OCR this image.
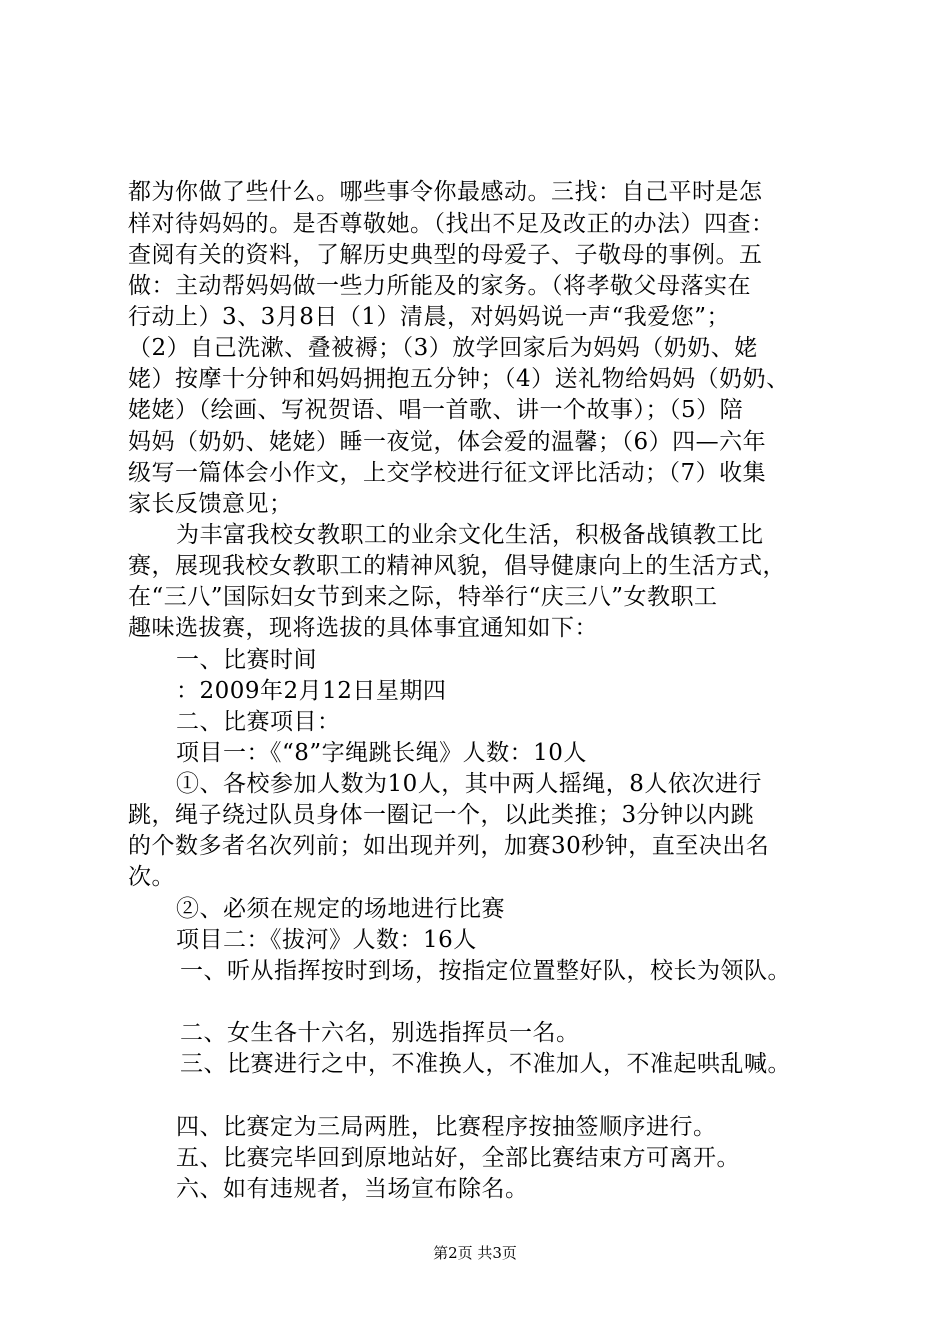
都为你做了些什么。哪些事令你最感动。三找：自己平时是怎
样对待妈妈的。是否尊敬她。（找出不足及改正的办法）四查：
查阅有关的资料，了解历史典型的母爱子、子敬母的事例。五
做：主动帮妈妈做一些力所能及的家务。（将孝敬父母落实在
行动上）3、3月8日（1）清晨，对妈妈说一声“我爱您”；
（2）自己洗漱、叠被褥；（3）放学回家后为妈妈（奶奶、姥
姥）按摩十分钟和妈妈拥抱五分钟；（4）送礼物给妈妈（奶奶、
姥姥）（绘画、写祝贺语、唱一首歌、讲一个故事）；（5）陪
妈妈（奶奶、姥姥）睡一夜觉，体会爱的温馨；（6）四—六年
级写一篇体会小作文，上交学校进行征文评比活动；（7）收集
家长反馈意见；
为丰富我校女教职工的业余文化生活，积极备战镇教工比
赛，展现我校女教职工的精神风貌，倡导健康向上的生活方式，
在“三八”国际妇女节到来之际，特举行“庆三八”女教职工
趣味选拔赛，现将选拔的具体事宜通知如下：
一、比赛时间
：2009年2月12日星期四
二、比赛项目：
项目一：《“8”字绳跳长绳》人数：10人
①、各校参加人数为10人，其中两人摇绳，8人依次进行
跳，绳子绕过队员身体一圈记一个，以此类推；3分钟以内跳
的个数多者名次列前；如出现并列，加赛30秒钟，直至决出名
次。
②、必须在规定的场地进行比赛
项目二：《拔河》人数：16人
一、听从指挥按时到场，按指定位置整好队，校长为领队。
二、女生各十六名，别选指挥员一名。
三、比赛进行之中，不准换人，不准加人，不准起哄乱喊。
四、比赛定为三局两胜，比赛程序按抽签顺序进行。
五、比赛完毕回到原地站好，全部比赛结束方可离开。
六、如有违规者，当场宣布除名。
第2页 共3页
